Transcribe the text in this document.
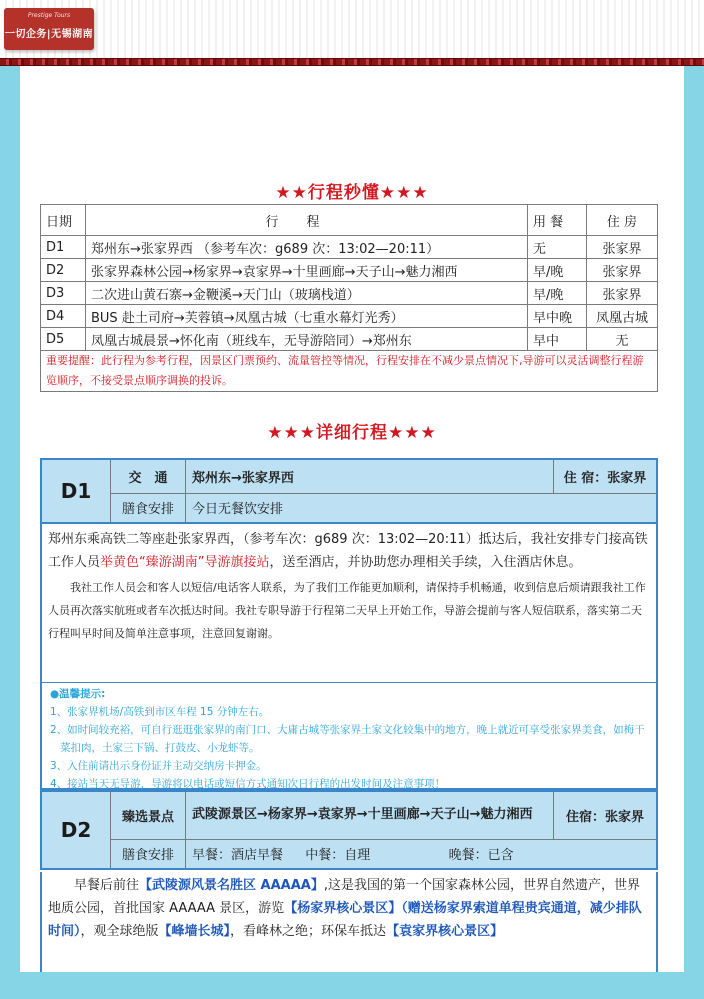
Prestige Tours
一切企务|无锡湖南
★★行程秒懂★★★
日期	行程	用 餐	住 房
D1	郑州东→张家界西 （参考车次：g689 次：13:02—20:11）	无	张家界
D2	张家界森林公园→杨家界→袁家界→十里画廊→天子山→魅力湘西	早/晚	张家界
D3	二次进山黄石寨→金鞭溪→天门山（玻璃栈道）	早/晚	张家界
D4	BUS 赴土司府→芙蓉镇→凤凰古城（七重水幕灯光秀）	早中晚	凤凰古城
D5	凤凰古城晨景→怀化南（班线车，无导游陪同）→郑州东	早中	无
重要提醒：此行程为参考行程，因景区门票预约、流量管控等情况，行程安排在不减少景点情况下,导游可以灵活调整行程游览顺序，不接受景点顺序调换的投诉。			
★★★详细行程★★★
D1	交　通	郑州东→张家界西	住 宿：张家界
	膳食安排	今日无餐饮安排	

郑州东乘高铁二等座赴张家界西，（参考车次：g689 次：13:02—20:11）抵达后，我社安排专门接高铁工作人员举黄色“臻游湖南”导游旗接站，送至酒店，并协助您办理相关手续，入住酒店休息。

我社工作人员会和客人以短信/电话客人联系，为了我们工作能更加顺利，请保持手机畅通，收到信息后烦请跟我社工作人员再次落实航班或者车次抵达时间。我社专职导游于行程第二天早上开始工作，导游会提前与客人短信联系，落实第二天行程叫早时间及简单注意事项，注意回复谢谢。

●温馨提示:
1、张家界机场/高铁到市区车程 15 分钟左右。
2、如时间较充裕，可自行逛逛张家界的南门口、大庸古城等张家界土家文化较集中的地方，晚上就近可享受张家界美食，如梅干菜扣肉，土家三下锅、打鼓皮、小龙虾等。
3、入住前请出示身份证并主动交纳房卡押金。
4、接站当天无导游，导游将以电话或短信方式通知次日行程的出发时间及注意事项！
D2	臻选景点	武陵源景区→杨家界→袁家界→十里画廊→天子山→魅力湘西	住宿：张家界
	膳食安排	早餐：酒店早餐 中餐：自理 晚餐：已含	

早餐后前往【武陵源风景名胜区 AAAAA】,这是我国的第一个国家森林公园，世界自然遗产，世界地质公园，首批国家 AAAAA 景区，游览【杨家界核心景区】（赠送杨家界索道单程贵宾通道，减少排队时间），观全球绝版【峰墙长城】，看峰林之绝；环保车抵达【袁家界核心景区】
